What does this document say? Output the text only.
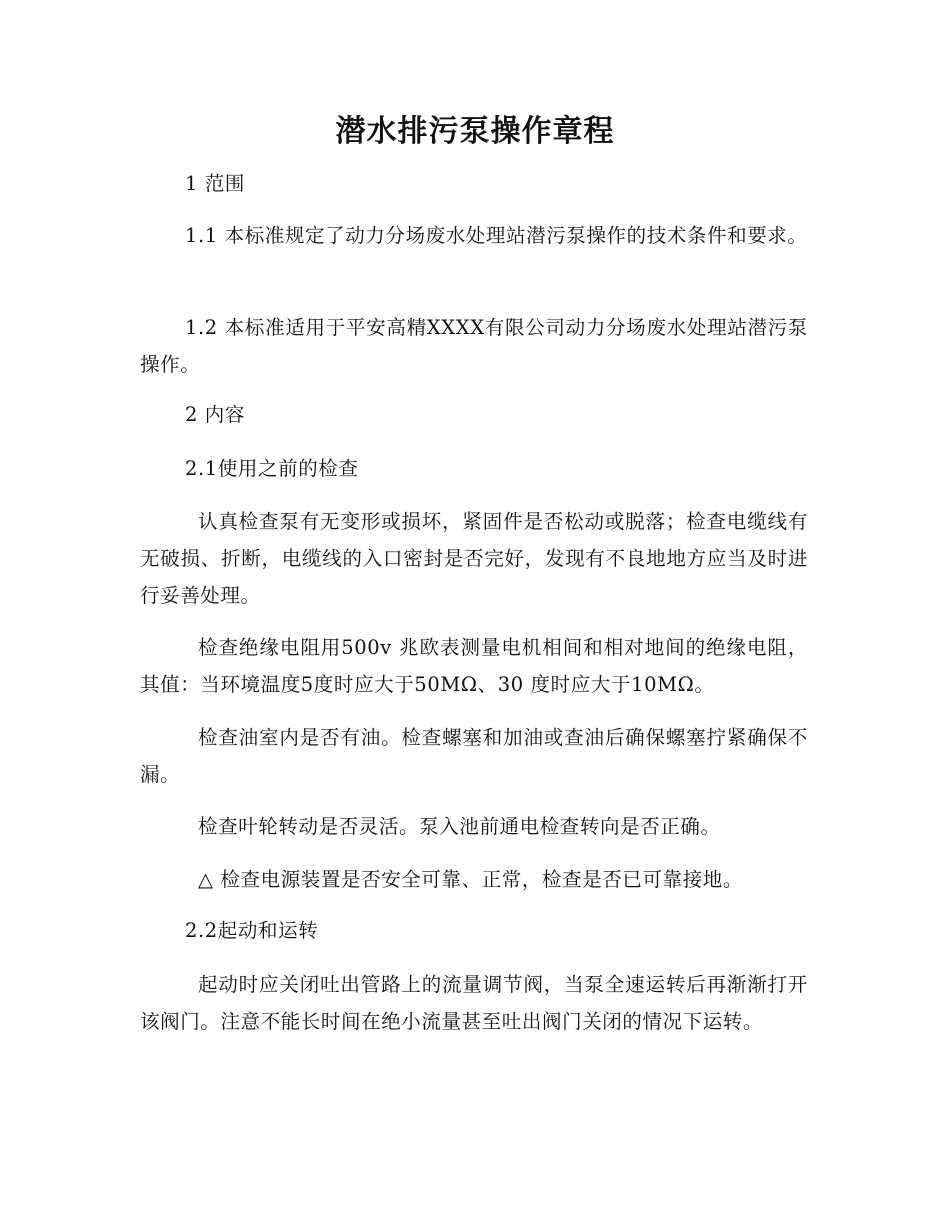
潜水排污泵操作章程

1 范围

1.1 本标准规定了动力分场废水处理站潜污泵操作的技术条件和要求。

1.2 本标准适用于平安高精XXXX有限公司动力分场废水处理站潜污泵操作。

2 内容

2.1使用之前的检查

认真检查泵有无变形或损坏，紧固件是否松动或脱落；检查电缆线有无破损、折断，电缆线的入口密封是否完好，发现有不良地地方应当及时进行妥善处理。

检查绝缘电阻用500v 兆欧表测量电机相间和相对地间的绝缘电阻，其值：当环境温度5度时应大于50MΩ、30 度时应大于10MΩ。

检查油室内是否有油。检查螺塞和加油或查油后确保螺塞拧紧确保不漏。

检查叶轮转动是否灵活。泵入池前通电检查转向是否正确。

△ 检查电源装置是否安全可靠、正常，检查是否已可靠接地。

2.2起动和运转

起动时应关闭吐出管路上的流量调节阀，当泵全速运转后再渐渐打开该阀门。注意不能长时间在绝小流量甚至吐出阀门关闭的情况下运转。
